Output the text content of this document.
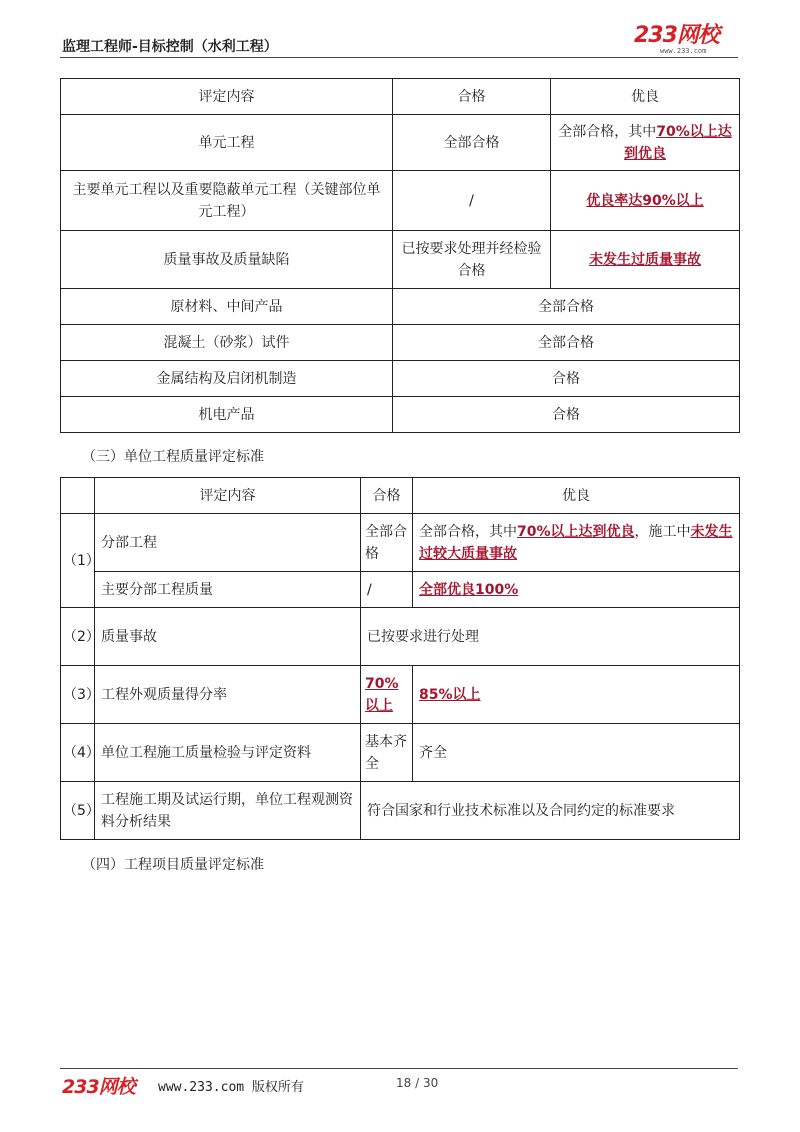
监理工程师-目标控制（水利工程）	233网校
www.233.com
评定内容	合格	优良
单元工程	全部合格	全部合格，其中70%以上达到优良
主要单元工程以及重要隐蔽单元工程（关键部位单元工程）	/	优良率达90%以上
质量事故及质量缺陷	已按要求处理并经检验合格	未发生过质量事故
原材料、中间产品	全部合格	
混凝土（砂浆）试件	全部合格	
金属结构及启闭机制造	合格	
机电产品	合格	
（三）单位工程质量评定标准
	评定内容	合格	优良
（1）	分部工程	全部合格	全部合格，其中70%以上达到优良，施工中未发生过较大质量事故
	主要分部工程质量	/	全部优良100%
（2）	质量事故	已按要求进行处理	
（3）	工程外观质量得分率	70%以上	85%以上
（4）	单位工程施工质量检验与评定资料	基本齐全	齐全
（5）	工程施工期及试运行期，单位工程观测资料分析结果	符合国家和行业技术标准以及合同约定的标准要求	
（四）工程项目质量评定标准
233网校 www.233.com 版权所有	18 / 30
